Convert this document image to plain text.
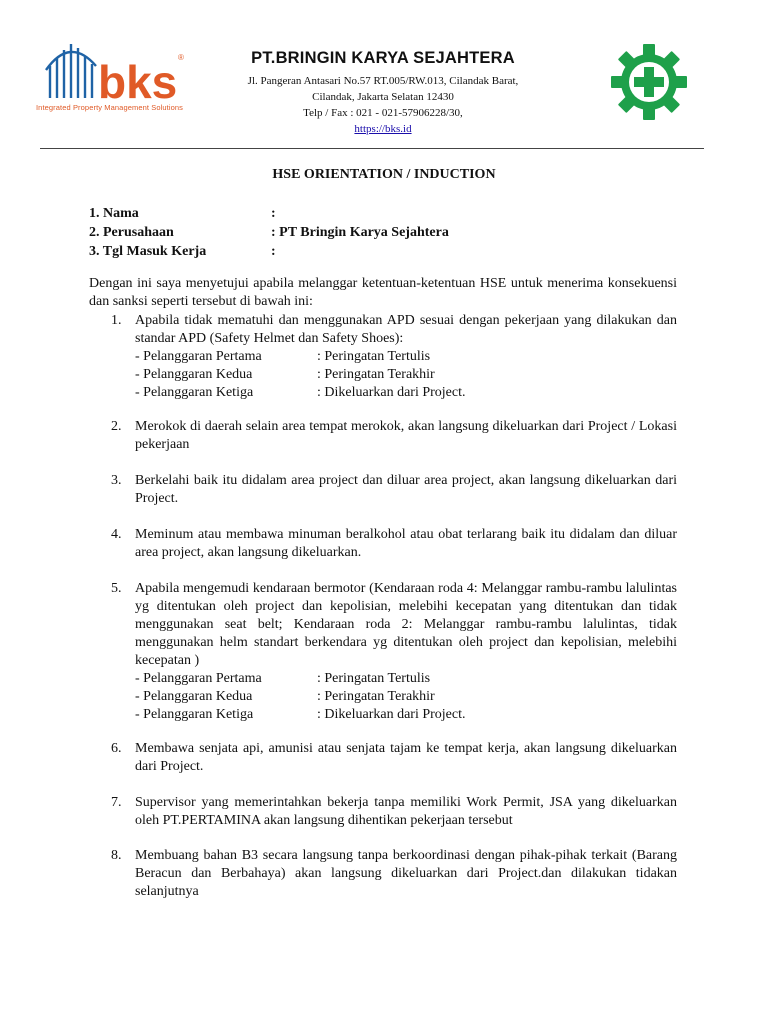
bks ®
Integrated Property Management Solutions
PT.BRINGIN KARYA SEJAHTERA
Jl. Pangeran Antasari No.57 RT.005/RW.013, Cilandak Barat,
Cilandak, Jakarta Selatan 12430
Telp / Fax : 021 - 021-57906228/30,
https://bks.id
HSE ORIENTATION / INDUCTION
1. Nama	:
2. Perusahaan	: PT Bringin Karya Sejahtera
3. Tgl Masuk Kerja	:
Dengan ini saya menyetujui apabila melanggar ketentuan-ketentuan HSE untuk menerima konsekuensi dan sanksi seperti tersebut di bawah ini:
1. Apabila tidak mematuhi dan menggunakan APD sesuai dengan pekerjaan yang dilakukan dan standar APD (Safety Helmet dan Safety Shoes):
- Pelanggaran Pertama	: Peringatan Tertulis
- Pelanggaran Kedua	: Peringatan Terakhir
- Pelanggaran Ketiga	: Dikeluarkan dari Project.
2. Merokok di daerah selain area tempat merokok, akan langsung dikeluarkan dari Project / Lokasi pekerjaan
3. Berkelahi baik itu didalam area project dan diluar area project, akan langsung dikeluarkan dari Project.
4. Meminum atau membawa minuman beralkohol atau obat terlarang baik itu didalam dan diluar area project, akan langsung dikeluarkan.
5. Apabila mengemudi kendaraan bermotor (Kendaraan roda 4: Melanggar rambu-rambu lalulintas yg ditentukan oleh project dan kepolisian, melebihi kecepatan yang ditentukan dan tidak menggunakan seat belt; Kendaraan roda 2: Melanggar rambu-rambu lalulintas, tidak menggunakan helm standart berkendara yg ditentukan oleh project dan kepolisian, melebihi kecepatan )
- Pelanggaran Pertama	: Peringatan Tertulis
- Pelanggaran Kedua	: Peringatan Terakhir
- Pelanggaran Ketiga	: Dikeluarkan dari Project.
6. Membawa senjata api, amunisi atau senjata tajam ke tempat kerja, akan langsung dikeluarkan dari Project.
7. Supervisor yang memerintahkan bekerja tanpa memiliki Work Permit, JSA yang dikeluarkan oleh PT.PERTAMINA akan langsung dihentikan pekerjaan tersebut
8. Membuang bahan B3 secara langsung tanpa berkoordinasi dengan pihak-pihak terkait (Barang Beracun dan Berbahaya) akan langsung dikeluarkan dari Project.dan dilakukan tidakan selanjutnya
